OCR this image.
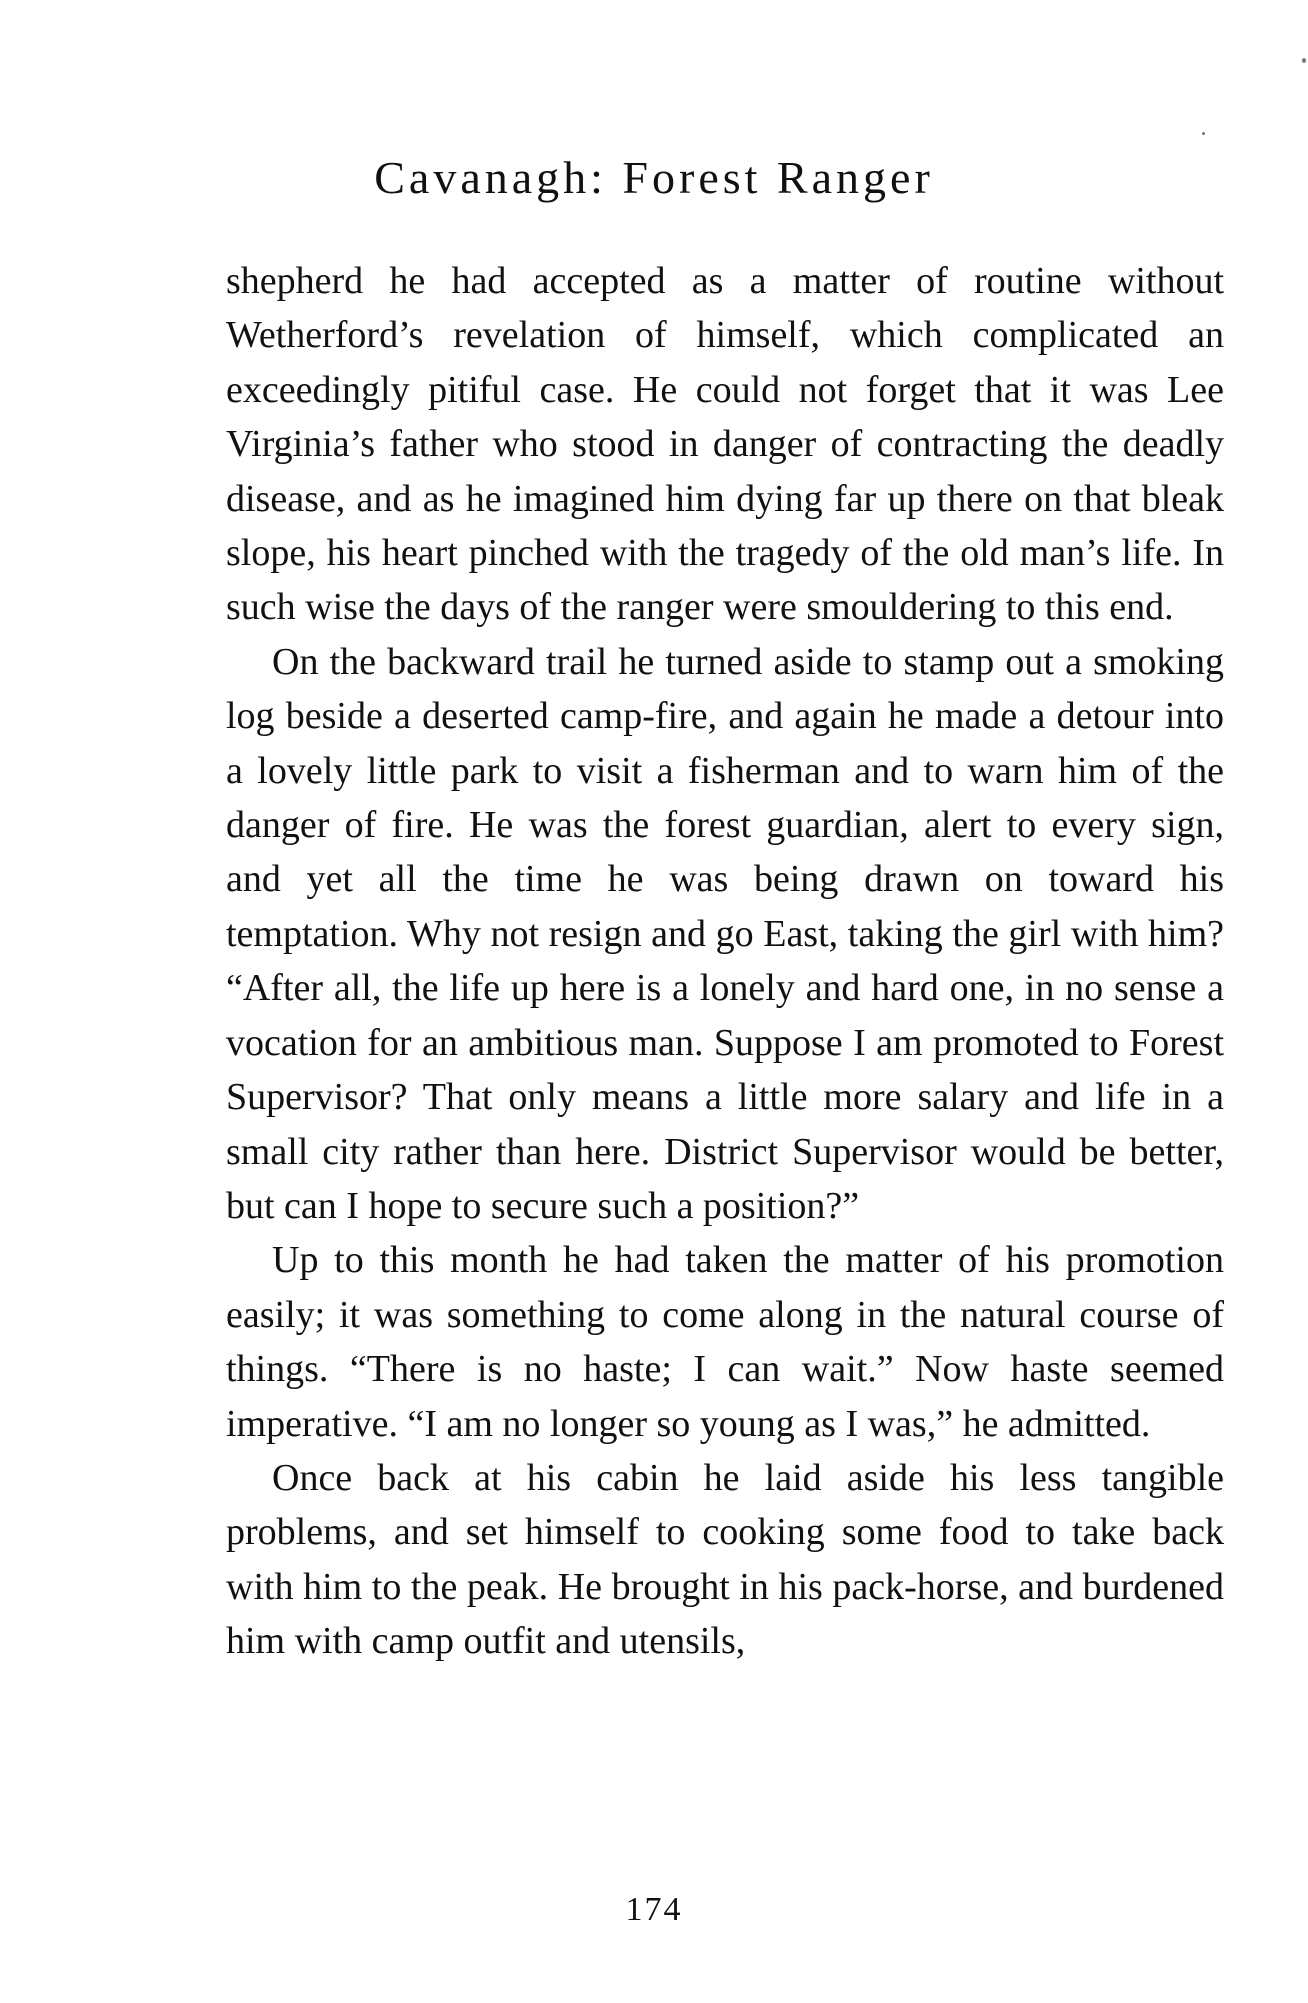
Cavanagh: Forest Ranger

shepherd he had accepted as a matter of routine without Wetherford’s revelation of himself, which complicated an exceedingly pitiful case. He could not forget that it was Lee Virginia’s father who stood in danger of contracting the deadly disease, and as he imagined him dying far up there on that bleak slope, his heart pinched with the tragedy of the old man’s life. In such wise the days of the ranger were smouldering to this end.

On the backward trail he turned aside to stamp out a smoking log beside a deserted camp-fire, and again he made a detour into a lovely little park to visit a fisherman and to warn him of the danger of fire. He was the forest guardian, alert to every sign, and yet all the time he was being drawn on toward his temptation. Why not resign and go East, taking the girl with him? “After all, the life up here is a lonely and hard one, in no sense a vocation for an ambitious man. Suppose I am promoted to Forest Supervisor? That only means a little more salary and life in a small city rather than here. District Supervisor would be better, but can I hope to secure such a position?”

Up to this month he had taken the matter of his promotion easily; it was something to come along in the natural course of things. “There is no haste; I can wait.” Now haste seemed imperative. “I am no longer so young as I was,” he admitted.

Once back at his cabin he laid aside his less tangible problems, and set himself to cooking some food to take back with him to the peak. He brought in his pack-horse, and burdened him with camp outfit and utensils,

174
